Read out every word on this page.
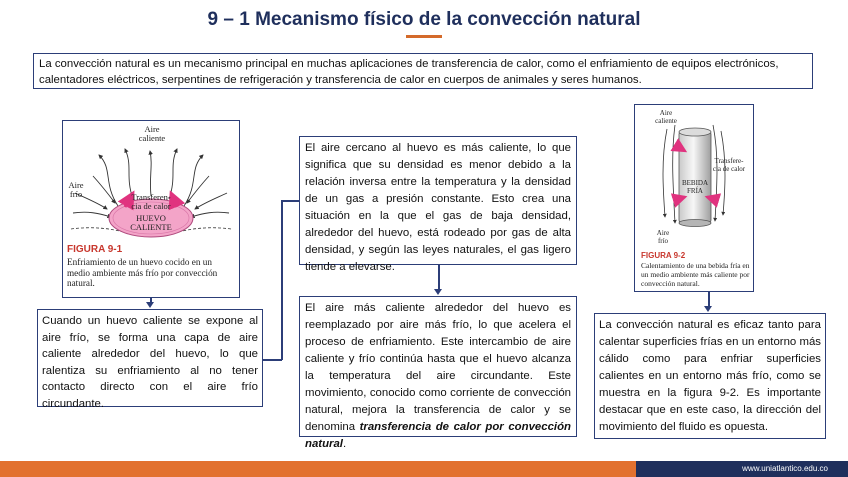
9 – 1 Mecanismo físico de la convección natural
La convección natural es un mecanismo principal en muchas aplicaciones de transferencia de calor, como el enfriamiento de equipos electrónicos, calentadores eléctricos, serpentines de refrigeración y transferencia de calor en cuerpos de animales y seres humanos.
Aire
caliente
Aire
frío	Transferen-
cia de calor
HUEVO
CALIENTE
FIGURA 9-1
Enfriamiento de un huevo cocido en un medio ambiente más frío por convección natural.
Aire
caliente
Transfere-
cia de calor
BEBIDA
FRÍA
Aire
frío
FIGURA 9-2
Calentamiento de una bebida fría en un medio ambiente más caliente por convección natural.
El aire cercano al huevo es más caliente, lo que significa que su densidad es menor debido a la relación inversa entre la temperatura y la densidad de un gas a presión constante. Esto crea una situación en la que el gas de baja densidad, alrededor del huevo, está rodeado por gas de alta densidad, y según las leyes naturales, el gas ligero tiende a elevarse.
El aire más caliente alrededor del huevo es reemplazado por aire más frío, lo que acelera el proceso de enfriamiento. Este intercambio de aire caliente y frío continúa hasta que el huevo alcanza la temperatura del aire circundante. Este movimiento, conocido como corriente de convección natural, mejora la transferencia de calor y se denomina transferencia de calor por convección natural.
Cuando un huevo caliente se expone al aire frío, se forma una capa de aire caliente alrededor del huevo, lo que ralentiza su enfriamiento al no tener contacto directo con el aire frío circundante.
La convección natural es eficaz tanto para calentar superficies frías en un entorno más cálido como para enfriar superficies calientes en un entorno más frío, como se muestra en la figura 9-2. Es importante destacar que en este caso, la dirección del movimiento del fluido es opuesta.
www.uniatlantico.edu.co
